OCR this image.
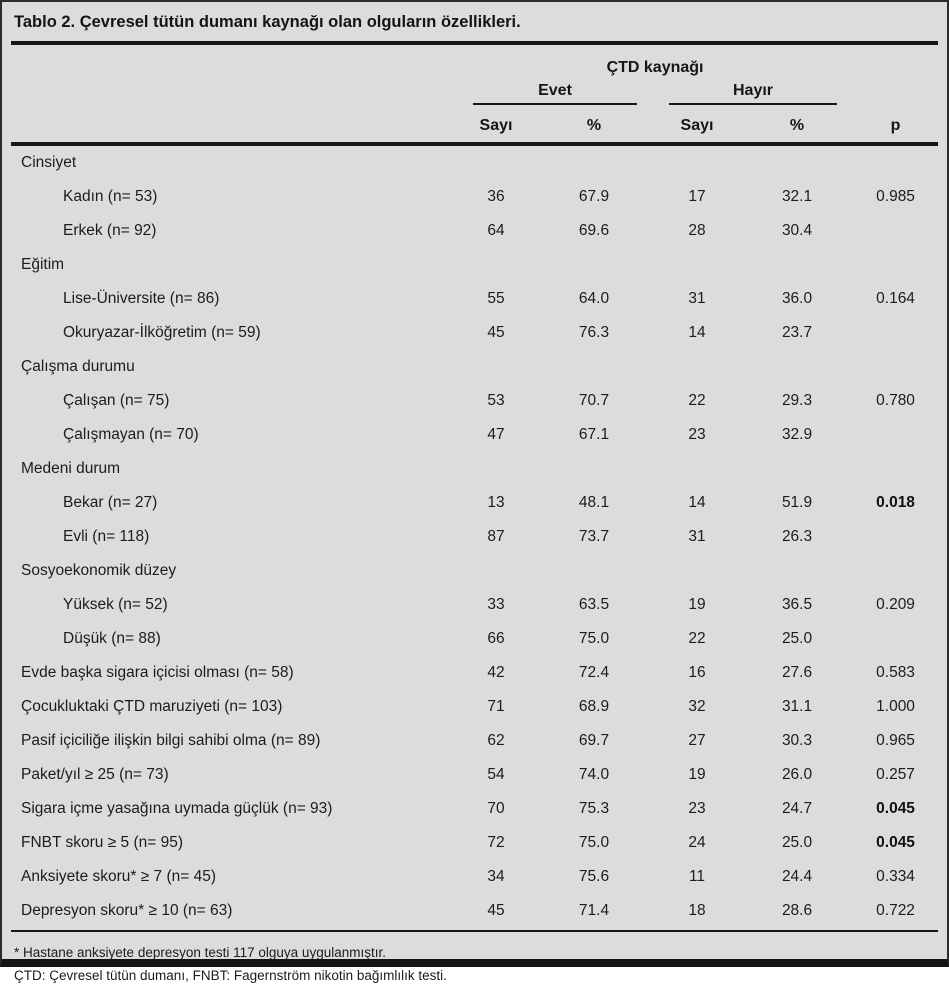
Tablo 2. Çevresel tütün dumanı kaynağı olan olguların özellikleri.
	ÇTD kaynağı				

	Evet		Hayır		

	Sayı	%	Sayı	%	p
Cinsiyet					
Kadın (n= 53)	36	67.9	17	32.1	0.985
Erkek (n= 92)	64	69.6	28	30.4	
Eğitim					
Lise-Üniversite (n= 86)	55	64.0	31	36.0	0.164
Okuryazar-İlköğretim (n= 59)	45	76.3	14	23.7	
Çalışma durumu					
Çalışan (n= 75)	53	70.7	22	29.3	0.780
Çalışmayan (n= 70)	47	67.1	23	32.9	
Medeni durum					
Bekar (n= 27)	13	48.1	14	51.9	0.018
Evli (n= 118)	87	73.7	31	26.3	
Sosyoekonomik düzey					
Yüksek (n= 52)	33	63.5	19	36.5	0.209
Düşük (n= 88)	66	75.0	22	25.0	
Evde başka sigara içicisi olması (n= 58)	42	72.4	16	27.6	0.583
Çocukluktaki ÇTD maruziyeti (n= 103)	71	68.9	32	31.1	1.000
Pasif içiciliğe ilişkin bilgi sahibi olma (n= 89)	62	69.7	27	30.3	0.965
Paket/yıl ≥ 25 (n= 73)	54	74.0	19	26.0	0.257
Sigara içme yasağına uymada güçlük (n= 93)	70	75.3	23	24.7	0.045
FNBT skoru ≥ 5 (n= 95)	72	75.0	24	25.0	0.045
Anksiyete skoru* ≥ 7 (n= 45)	34	75.6	11	24.4	0.334
Depresyon skoru* ≥ 10 (n= 63)	45	71.4	18	28.6	0.722
* Hastane anksiyete depresyon testi 117 olguya uygulanmıştır.
ÇTD: Çevresel tütün dumanı, FNBT: Fagernström nikotin bağımlılık testi.
